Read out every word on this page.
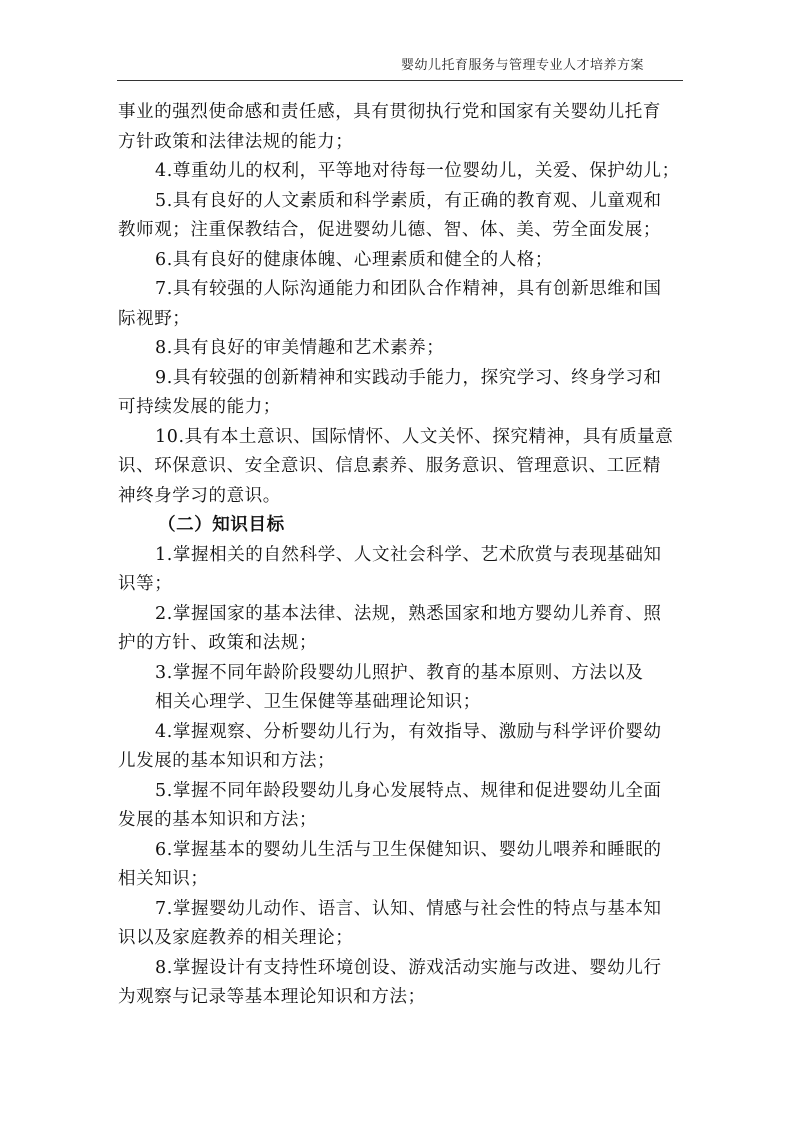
婴幼儿托育服务与管理专业人才培养方案
事业的强烈使命感和责任感，具有贯彻执行党和国家有关婴幼儿托育
方针政策和法律法规的能力；
4.尊重幼儿的权利，平等地对待每一位婴幼儿，关爱、保护幼儿；
5.具有良好的人文素质和科学素质，有正确的教育观、儿童观和
教师观；注重保教结合，促进婴幼儿德、智、体、美、劳全面发展；
6.具有良好的健康体魄、心理素质和健全的人格；
7.具有较强的人际沟通能力和团队合作精神，具有创新思维和国
际视野；
8.具有良好的审美情趣和艺术素养；
9.具有较强的创新精神和实践动手能力，探究学习、终身学习和
可持续发展的能力；
10.具有本土意识、国际情怀、人文关怀、探究精神，具有质量意
识、环保意识、安全意识、信息素养、服务意识、管理意识、工匠精
神终身学习的意识。
（二）知识目标
1.掌握相关的自然科学、人文社会科学、艺术欣赏与表现基础知
识等；
2.掌握国家的基本法律、法规，熟悉国家和地方婴幼儿养育、照
护的方针、政策和法规；
3.掌握不同年龄阶段婴幼儿照护、教育的基本原则、方法以及
相关心理学、卫生保健等基础理论知识；
4.掌握观察、分析婴幼儿行为，有效指导、激励与科学评价婴幼
儿发展的基本知识和方法；
5.掌握不同年龄段婴幼儿身心发展特点、规律和促进婴幼儿全面
发展的基本知识和方法；
6.掌握基本的婴幼儿生活与卫生保健知识、婴幼儿喂养和睡眠的
相关知识；
7.掌握婴幼儿动作、语言、认知、情感与社会性的特点与基本知
识以及家庭教养的相关理论；
8.掌握设计有支持性环境创设、游戏活动实施与改进、婴幼儿行
为观察与记录等基本理论知识和方法；
